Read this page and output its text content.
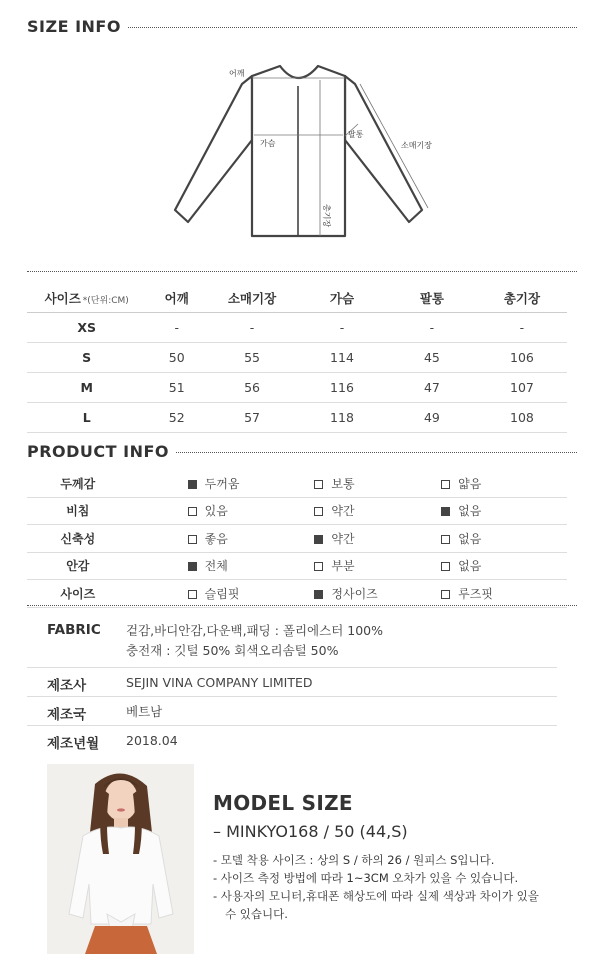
SIZE INFO
어깨
가슴
팔통
소매기장
총기장
사이즈 *(단위:CM)	어깨	소매기장	가슴	팔통	총기장
XS	-	-	-	-	-
S	50	55	114	45	106
M	51	56	116	47	107
L	52	57	118	49	108
PRODUCT INFO
두께감		두꺼움	보통	얇음
비침		있음	약간	없음
신축성		좋음	약간	없음
안감		전체	부분	없음
사이즈		슬림핏	정사이즈	루즈핏
FABRIC 겉감,바디안감,다운백,패딩 : 폴리에스터 100%
충전재 : 깃털 50% 회색오리솜털 50%
제조사	SEJIN VINA COMPANY LIMITED
제조국	베트남
제조년월 2018.04
MODEL SIZE
– MINKYO168 / 50 (44,S)
- 모델 착용 사이즈 : 상의 S / 하의 26 / 원피스 S입니다.
- 사이즈 측정 방법에 따라 1~3CM 오차가 있을 수 있습니다.
- 사용자의 모니터,휴대폰 해상도에 따라 실제 색상과 차이가 있을 수 있습니다.
